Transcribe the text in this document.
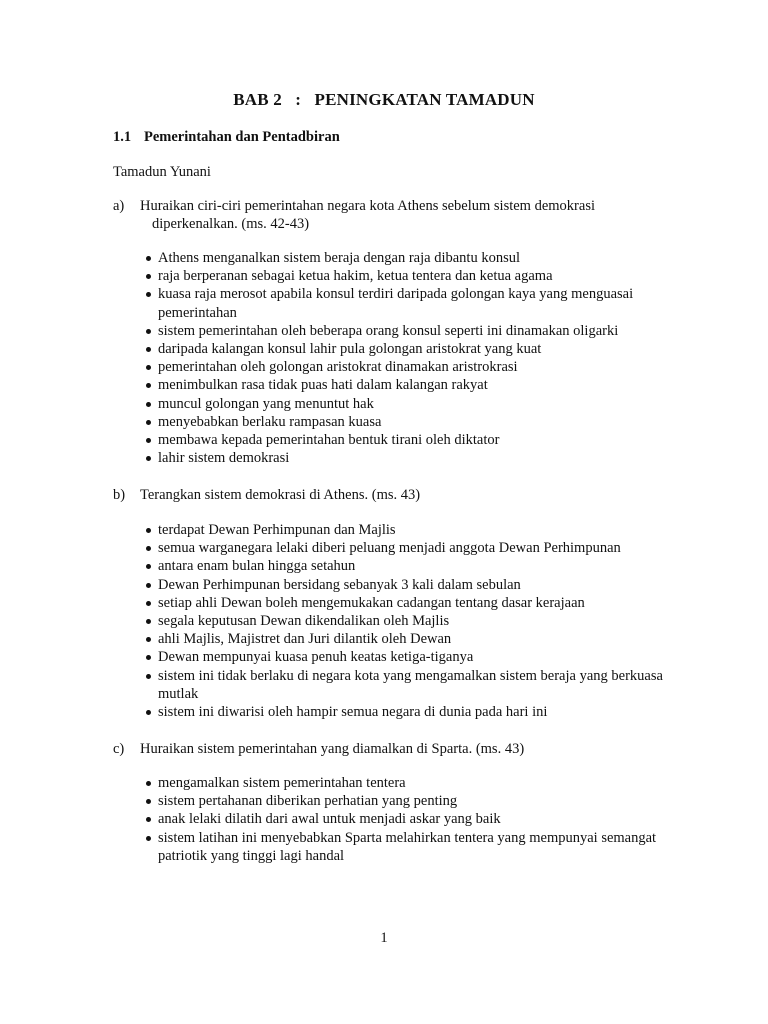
BAB 2   :   PENINGKATAN TAMADUN
1.1 Pemerintahan dan Pentadbiran
Tamadun Yunani
a) Huraikan ciri-ciri pemerintahan negara kota Athens sebelum sistem demokrasi
diperkenalkan. (ms. 42-43)
Athens menganalkan sistem beraja dengan raja dibantu konsul
raja berperanan sebagai ketua hakim, ketua tentera dan ketua agama
kuasa raja merosot apabila konsul terdiri daripada golongan kaya yang menguasai pemerintahan
sistem pemerintahan oleh beberapa orang konsul seperti ini dinamakan oligarki
daripada kalangan konsul lahir pula golongan aristokrat yang kuat
pemerintahan oleh golongan aristokrat dinamakan aristrokrasi
menimbulkan rasa tidak puas hati dalam kalangan rakyat
muncul golongan yang menuntut hak
menyebabkan berlaku rampasan kuasa
membawa kepada pemerintahan bentuk tirani oleh diktator
lahir sistem demokrasi
b) Terangkan sistem demokrasi di Athens. (ms. 43)
terdapat Dewan Perhimpunan dan Majlis
semua warganegara lelaki diberi peluang menjadi anggota Dewan Perhimpunan
antara enam bulan hingga setahun
Dewan Perhimpunan bersidang sebanyak 3 kali dalam sebulan
setiap ahli Dewan boleh mengemukakan cadangan tentang dasar kerajaan
segala keputusan Dewan dikendalikan oleh Majlis
ahli Majlis, Majistret dan Juri dilantik oleh Dewan
Dewan mempunyai kuasa penuh keatas ketiga-tiganya
sistem ini tidak berlaku di negara kota yang mengamalkan sistem beraja yang berkuasa mutlak
sistem ini diwarisi oleh hampir semua negara di dunia pada hari ini
c) Huraikan sistem pemerintahan yang diamalkan di Sparta. (ms. 43)
mengamalkan sistem pemerintahan tentera
sistem pertahanan diberikan perhatian yang penting
anak lelaki dilatih dari awal untuk menjadi askar yang baik
sistem latihan ini menyebabkan Sparta melahirkan tentera yang mempunyai semangat patriotik yang tinggi lagi handal
1
